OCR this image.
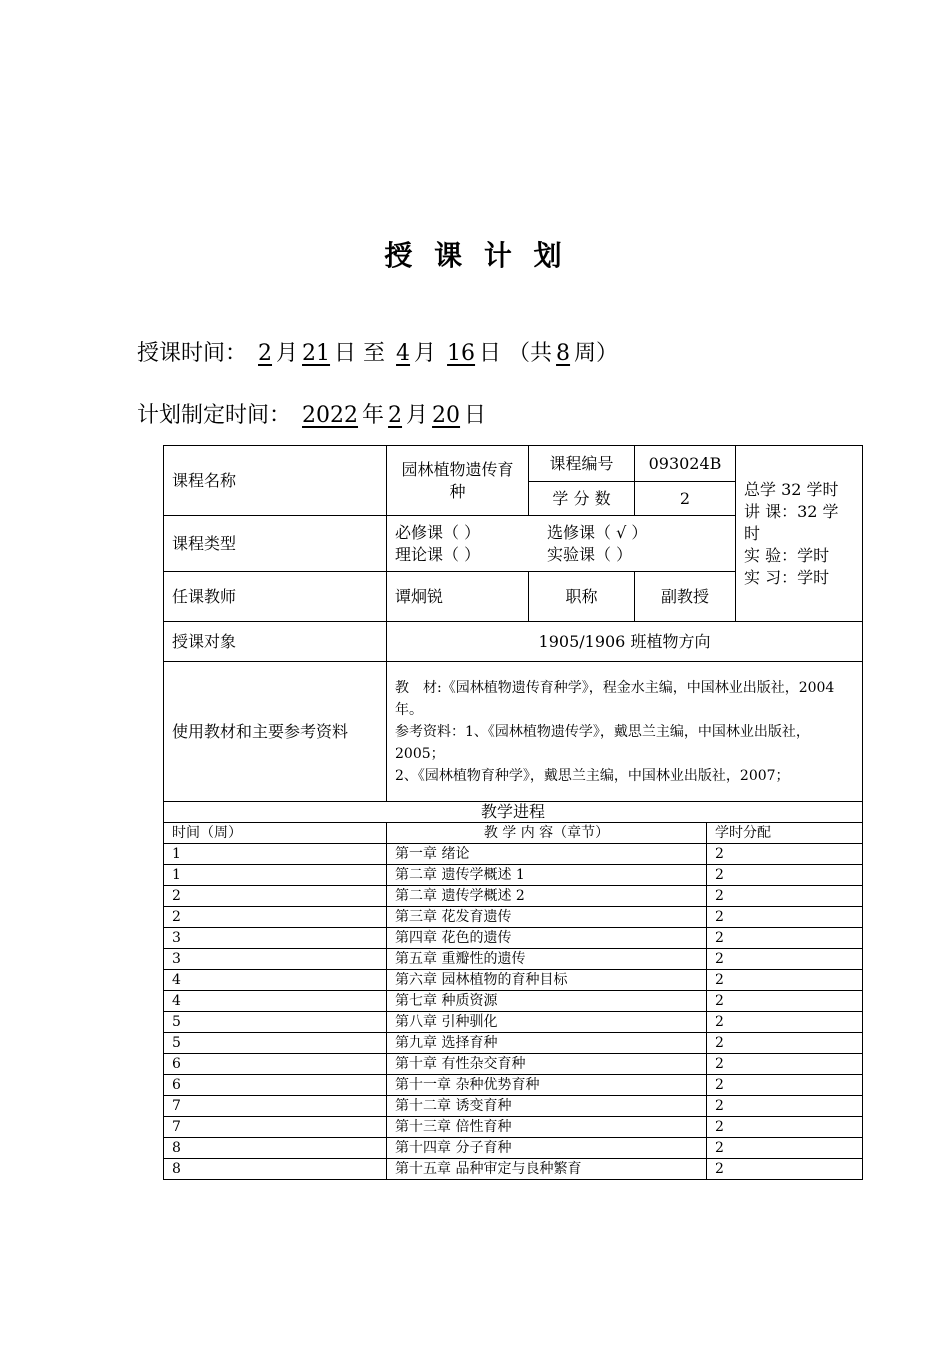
授 课 计 划
授课时间： 2 月 21 日 至 4 月 16 日 （共 8 周）
计划制定时间： 2022 年 2 月 20 日
课程名称	园林植物遗传育种	课程编号	093024B	总学 32 学时
讲 课：32 学时
实 验：学时
实 习：学时

		学 分 数	2	
课程类型	必修课（ ） 选修课（ √ ）
理论课（ ） 实验课（ ）			

任课教师	谭炯锐	职称	副教授	
授课对象	1905/1906 班植物方向			
使用教材和主要参考资料	教　材:《园林植物遗传育种学》，程金水主编，中国林业出版社，2004 年。
参考资料：1、《园林植物遗传学》，戴思兰主编，中国林业出版社，2005；
2、《园林植物育种学》，戴思兰主编，中国林业出版社，2007；			
教学进程		
时间（周）	教 学 内 容（章节）	学时分配
1	第一章 绪论	2
1	第二章 遗传学概述 1	2
2	第二章 遗传学概述 2	2
2	第三章 花发育遗传	2
3	第四章 花色的遗传	2
3	第五章 重瓣性的遗传	2
4	第六章 园林植物的育种目标	2
4	第七章 种质资源	2
5	第八章 引种驯化	2
5	第九章 选择育种	2
6	第十章 有性杂交育种	2
6	第十一章 杂种优势育种	2
7	第十二章 诱变育种	2
7	第十三章 倍性育种	2
8	第十四章 分子育种	2
8	第十五章 品种审定与良种繁育	2
